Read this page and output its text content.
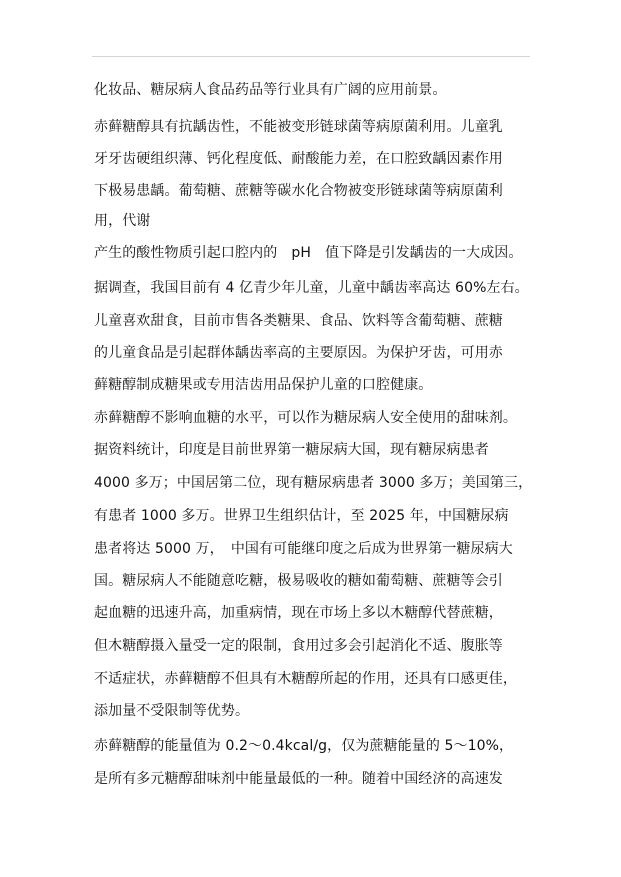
化妆品、糖尿病人食品药品等行业具有广阔的应用前景。

赤藓糖醇具有抗龋齿性，不能被变形链球菌等病原菌利用。儿童乳

牙牙齿硬组织薄、钙化程度低、耐酸能力差，在口腔致龋因素作用

下极易患龋。葡萄糖、蔗糖等碳水化合物被变形链球菌等病原菌利

用，代谢

产生的酸性物质引起口腔内的　pH　值下降是引发龋齿的一大成因。

据调查，我国目前有 4 亿青少年儿童，儿童中龋齿率高达 60%左右。

儿童喜欢甜食，目前市售各类糖果、食品、饮料等含葡萄糖、蔗糖

的儿童食品是引起群体龋齿率高的主要原因。为保护牙齿，可用赤

藓糖醇制成糖果或专用洁齿用品保护儿童的口腔健康。

赤藓糖醇不影响血糖的水平，可以作为糖尿病人安全使用的甜味剂。

据资料统计，印度是目前世界第一糖尿病大国，现有糖尿病患者

4000 多万；中国居第二位，现有糖尿病患者 3000 多万；美国第三，

有患者 1000 多万。世界卫生组织估计，至 2025 年，中国糖尿病

患者将达 5000 万，　中国有可能继印度之后成为世界第一糖尿病大

国。糖尿病人不能随意吃糖，极易吸收的糖如葡萄糖、蔗糖等会引

起血糖的迅速升高，加重病情，现在市场上多以木糖醇代替蔗糖，

但木糖醇摄入量受一定的限制，食用过多会引起消化不适、腹胀等

不适症状，赤藓糖醇不但具有木糖醇所起的作用，还具有口感更佳，

添加量不受限制等优势。

赤藓糖醇的能量值为 0.2～0.4kcal/g，仅为蔗糖能量的 5～10%，

是所有多元糖醇甜味剂中能量最低的一种。随着中国经济的高速发
